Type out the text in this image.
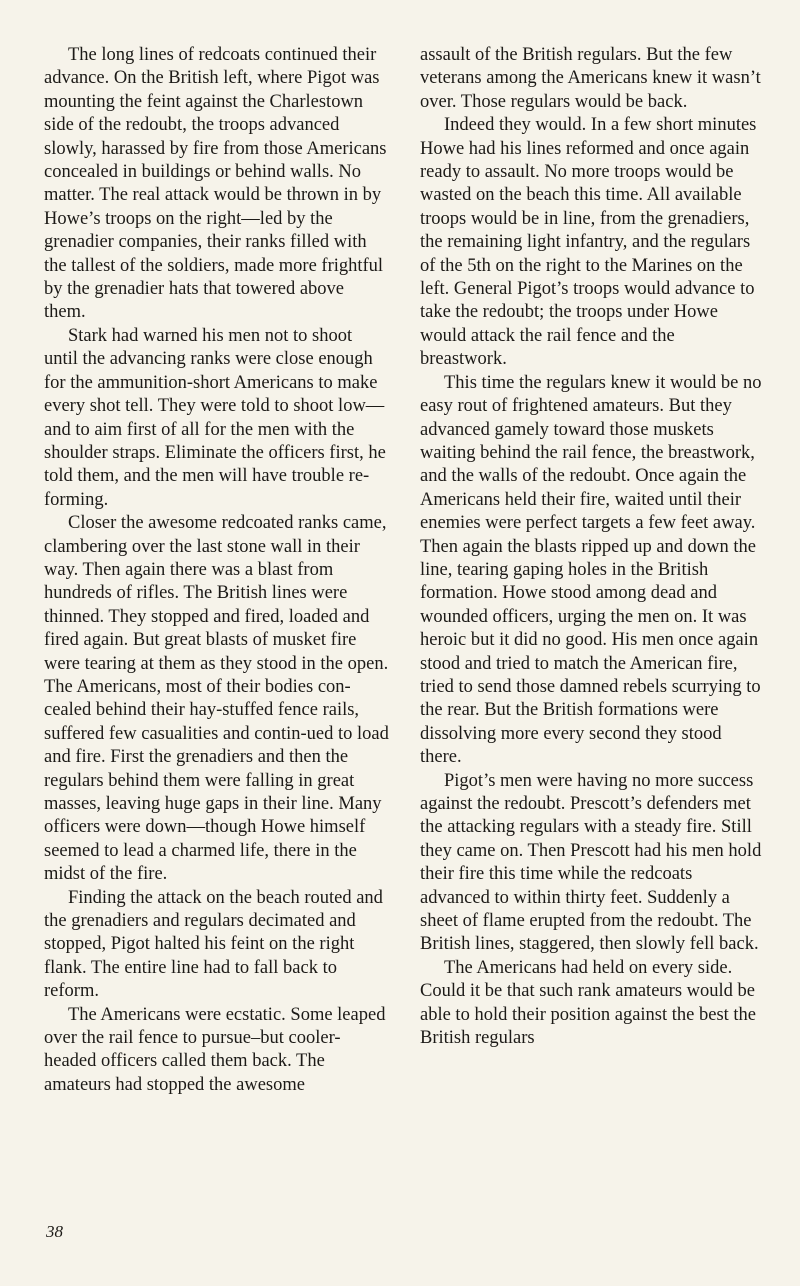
The long lines of redcoats continued their advance. On the British left, where Pigot was mounting the feint against the Charlestown side of the redoubt, the troops advanced slowly, harassed by fire from those Americans concealed in buildings or behind walls. No matter. The real attack would be thrown in by Howe’s troops on the right—led by the grenadier companies, their ranks filled with the tallest of the soldiers, made more frightful by the grenadier hats that towered above them.

Stark had warned his men not to shoot until the advancing ranks were close enough for the ammunition-short Americans to make every shot tell. They were told to shoot low—and to aim first of all for the men with the shoulder straps. Eliminate the officers first, he told them, and the men will have trouble re-forming.

Closer the awesome redcoated ranks came, clambering over the last stone wall in their way. Then again there was a blast from hundreds of rifles. The British lines were thinned. They stopped and fired, loaded and fired again. But great blasts of musket fire were tearing at them as they stood in the open. The Americans, most of their bodies con-cealed behind their hay-stuffed fence rails, suffered few casualities and contin-ued to load and fire. First the grenadiers and then the regulars behind them were falling in great masses, leaving huge gaps in their line. Many officers were down—though Howe himself seemed to lead a charmed life, there in the midst of the fire.

Finding the attack on the beach routed and the grenadiers and regulars decimated and stopped, Pigot halted his feint on the right flank. The entire line had to fall back to reform.

The Americans were ecstatic. Some leaped over the rail fence to pursue–but cooler-headed officers called them back. The amateurs had stopped the awesome

assault of the British regulars. But the few veterans among the Americans knew it wasn’t over. Those regulars would be back.

Indeed they would. In a few short minutes Howe had his lines reformed and once again ready to assault. No more troops would be wasted on the beach this time. All available troops would be in line, from the grenadiers, the remaining light infantry, and the regulars of the 5th on the right to the Marines on the left. General Pigot’s troops would advance to take the redoubt; the troops under Howe would attack the rail fence and the breastwork.

This time the regulars knew it would be no easy rout of frightened amateurs. But they advanced gamely toward those muskets waiting behind the rail fence, the breastwork, and the walls of the redoubt. Once again the Americans held their fire, waited until their enemies were perfect targets a few feet away. Then again the blasts ripped up and down the line, tearing gaping holes in the British formation. Howe stood among dead and wounded officers, urging the men on. It was heroic but it did no good. His men once again stood and tried to match the American fire, tried to send those damned rebels scurrying to the rear. But the British formations were dissolving more every second they stood there.

Pigot’s men were having no more success against the redoubt. Prescott’s defenders met the attacking regulars with a steady fire. Still they came on. Then Prescott had his men hold their fire this time while the redcoats advanced to within thirty feet. Suddenly a sheet of flame erupted from the redoubt. The British lines, staggered, then slowly fell back.

The Americans had held on every side. Could it be that such rank amateurs would be able to hold their position against the best the British regulars

38
